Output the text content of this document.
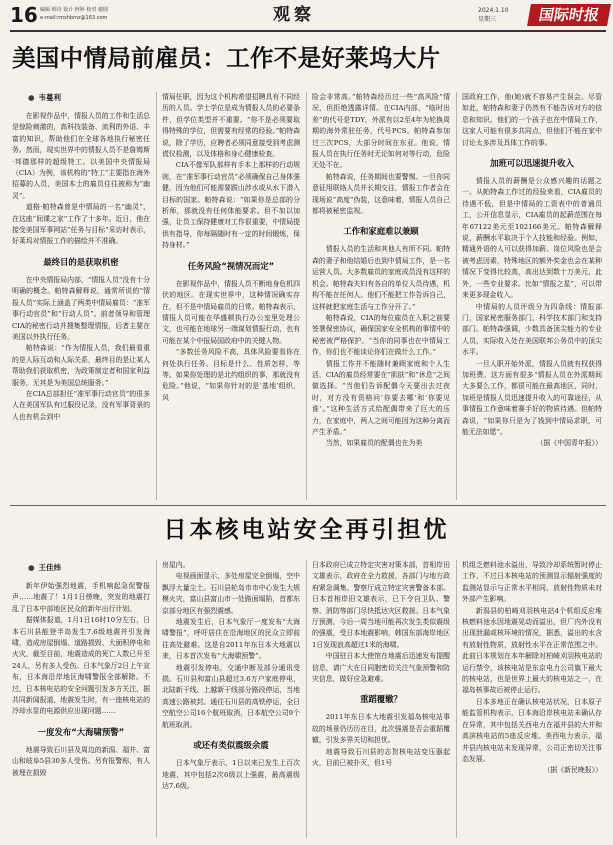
16 编辑 韩诗 设计 柯婷 校对 谢圆
e-mail:rmshbmz@163.com	观察	2024.1.10
星期三	国际时报
美国中情局前雇员：工作不是好莱坞大片

● 韦蔓利

在影视作品中，情报人员的工作和生活总是惊险刺激的，高科技装备、流利的外语、丰富的知识，帮助他们在全球各地执行秘密任务。然而，现实世界中的情报人员不是詹姆斯·邦德那样的超级特工。以美国中央情报局（CIA）为例，该机构的“特工”主要指在海外招募的人员，美国本土的雇员往往被称为“幽灵”。

道格·帕特森曾是中情局的一名“幽灵”，在这座“间谍之家”工作了十多年。近日，他在接受美国军事网站“任务与目标”采访时表示，好莱坞对情报工作的描绘并不准确。

最终目的是获取机密

在中央情报局内部，“情报人员”没有十分明确的概念。帕特森解释说，通常所说的“情报人员”实际上涵盖了两类中情局雇员：“准军事行动官员”和“行动人员”。前者领导和管理CIA的秘密行动并搜集整理情报，后者主要在美国以外执行任务。

帕特森说：“作为情报人员，我们最看重的是人际互动和人际关系，最终目的是让某人帮助我们获取机密，为政策制定者和国家利益服务，无其是为美国总统服务。”

在CIA总部担任“准军事行动官员”的很多人在美国军队有过服役记录，没有军事背景的人也有机会到中

情局任职，因为这个机构希望招聘具有不同经历的人员。学士学位是成为情报人员的必要条件，但学位类型并不重要。“你不是必须要取得特殊的学位，但需要有经常的经验。”帕特森说，除了学历，应聘者必须同意接受到考虑测谎仪检测，以及体格和身心健康检查。

CIA不像军队那样有手本上那样的行动规则，在“准军事行动官员”必须确保自己身体强健，因为他们可能需要跋山涉水或从水下潜入目标的国家。帕特森说：“如果你是总部的分析师，那就没有任何体能要求。但不加以加强，让员工保持健康对工作很重要，中情局提供有指导，你每隔随时有一定的时间锻炼，保持身材。”

任务风险“视情况而定”

在影视作品中，情报人员不断地身危机四伏的地区。在现实世界中，这种情况确实存在，但不是中情局雇员的日常。帕特森表示，情报人员可能在华盛顿执行办公室里处理公文，也可能在地球另一端谋划情报行动，也有可能在某个中报局国政府中的关键人物。

“多数任务风险不高，具体风险要看你在何处执行任务、目标是什么、性质怎样，等等。如果你处理的是北约组织的事，那就没有危险。”他说，“如果你针对的是‘基地’组织，风

险会非常高。”帕特森经历过一些“高风险”情况，但拒绝透露详情。在CIA内部，“临时出差”的代号是TDY，外派有以2至4年为轮换周期的海外常驻任务，代号PCS。帕特森参加过三次PCS，大部分时间在东亚。他说，情报人员在执行任务时无论如何对等行动，危险无处不在。

帕特森说，任务期间也要警惕。一旦你同意征用联络人员并长期交往，情报工作者会在现场说“高度”伪装，这意味着，情报人员自己都将被秘密监视。

工作和家庭难以兼顾

情报人员的生活和其他人有所不同。帕特森的妻子和他结婚后也到中情局工作，是一名运营人员。大多数雇员的家庭成员没有这样的机会。帕特森夫妇有各自的单位人员待遇，机构不能在任何人。他们不能把工作告诉自己，这样就把家庭生活与工作分开了。”

帕特森说，CIA的每位雇员在入职之前要签署保密协议，确保国家安全机构的事情中的秘密被严格保护。“当你的同事也在中情局工作，你们也不能谈论你们在做什么工作。”

情报工作并不能随时兼顾家庭和个人生活，CIA的雇员经常要在“肌肤”和“休息”之间做选择。“当他们告诉配偶今天要出去过夜时，对方没有资格问‘你要去哪’和‘你要见谁’。”这种生活方式给配偶带来了巨大的压力，在家庭中，两人之间可能因为这种分离而产生矛盾。”

当然，如果雇员的配偶也在为美

国政府工作，他(她)就不容易产生误会。尽管如此，帕特森和妻子仍然有不能告诉对方的信息和知识。他们的一个孩子也在中情局工作，这家人可能有很多共同点，但他们不能在家中讨论太多涉及具体工作的事。

加班可以迅速提升收入

情报人员的薪酬是公众感兴趣的话题之一。从帕特森工作过的经验来看，CIA雇员的待遇不低，但是中情局的工资表中的普通员工，公开信息显示，CIA雇员的起薪范围在每年67122美元至102166美元。帕特森解释说，薪酬水平取决于个人技能和经验。例如，精通外语的人可以获得加薪。岗位风险也是会被考虑因素，特殊地区的额外奖金也会在某种情况下变得比较高，高出达到数十万美元，此外，一些专业要求。比如“情报之星”，可以带来更多现金收入。

中情局的人员评级分为四条线：情报部门，国家秘密服务部门，科学技术部门和支持部门。帕特森强调，少数具备顶尖能力的专业人员，实际收入处在美国联邦公务员中的顶尖水平。

一旦人职开始外派，情报人员就有权获得加班费。这方面有很多“情报人员在外派期间大多要么工作，都很可能在最高地区，同时，加班是情报人员迅速提升收入的可靠途径，从事情报工作意味着赛手好的物质待遇。但帕特森说，“如果你只是为了钱到中情局求职，可能无法如愿”。

（据《中国青年报》）

日本核电站安全再引担忧

● 王佳炜

新年伊始强烈地震，手机响起急促警报声……地震了！1月1日傍晚，突发的地震打乱了日本中部地区民众的新年出行计划。

据媒体报道，1月1日16时10分左右，日本石川县能登半岛发生7.6级地震并引发海啸，造成房屋倒塌、道路损毁、大面积停电和火灾，截至目前，地震造成的死亡人数已升至24人，另有多人受伤。日本气象厅2日上午宣布，日本海沿岸地区海啸警报全部解除。不过，日本核电站的安全问题引发多方关注，据共同新闻报道，地震发生时，有一座核电站的冷却水泵的电源供应出现问题……

一度发布“大海啸预警”

地震导致石川县及周边的新潟、福井、富山和岐阜5县30多人受伤。另有报警称，有人被埋在损毁

房屋内。

电视画面显示，多处房屋完全倒塌，空中飘浮大量尘土。石川县轮岛市市中心发生大规模火灾，富山县富山市一处路面塌陷，首都东京部分地区有强烈震感。

地震发生后，日本气象厅一度发布“大海啸警报”，呼吁居住在沿海地区的民众立即前往高处避难。这是自2011年东日本大地震以来，日本首次发布“大海啸预警”。

地震引发停电，交通中断及部分通讯受损。石川县和富山县超过3.6万户家庭停电，北陆新干线、上越新干线部分路段停运，当地高速公路被封。通往石川县的高铁停运，全日空航空公司16个航班取消，日本航空公司9个航班取消。

或还有类似震级余震

日本气象厅表示，1日以来已发生上百次地震，其中包括2次6级以上强震，最高震级达7.6级。

日本政府已成立特定灾害对策本部，首相岸田文雄表示，政府在全力救援，各部门与地方政府紧急调集。警察厅成立特定灾害警备本部。日本首相岸田文雄表示，已下令自卫队、警察、消防等部门尽快抵达灾区救援。日本气象厅预测，今后一周当地可能再次发生类似震级的强震，受日本地震影响，韩国东部海岸地区1日发现浪高超过1米的海啸。

中国驻日本大使馆在地震后迅速发布提醒信息，请广大在日同胞密切关注气象预警和防灾信息，做好应急避难。

重蹈覆辙？

2011年东日本大地震引发福岛核电站事故的场景仍历历在目，此次强震是否会重蹈覆辙，引发多界关切和担忧。

地震导致石川县的志贺核电站变压器起火，目前已被扑灭，但1号

机组乏燃料池水溢出，导致冷却系统暂时停止工作，不过日本核电站的预测显示辐射强度的监测站显示与正常水平相同，放射性物质未对外部产生影响。

新潟县的柏崎刈羽核电站4个机组反应堆核燃料池水因地震晃动而溢出，但厂内外没有出现泄漏或核环境的情况，据悉，溢出的水含有放射性物质，放射性水平在正常范围之中。此前日本规划在本年解除对柏崎刈羽核电站的运行禁令，该核电站是东京电力公司旗下最大的核电站，也是世界上最大的核电站之一，在福岛核事故后被停止运行。

日本多地正在确认核电站状况，日本原子能监管机构表示，日本海沿岸核电站未确认存在异常，其中包括关西电力在福井县的大井和高滨核电站的5座反应堆。美西电力表示，福井县内核电站未发现异常，公司正密切关注事态发展。

（据《新民晚报》）
